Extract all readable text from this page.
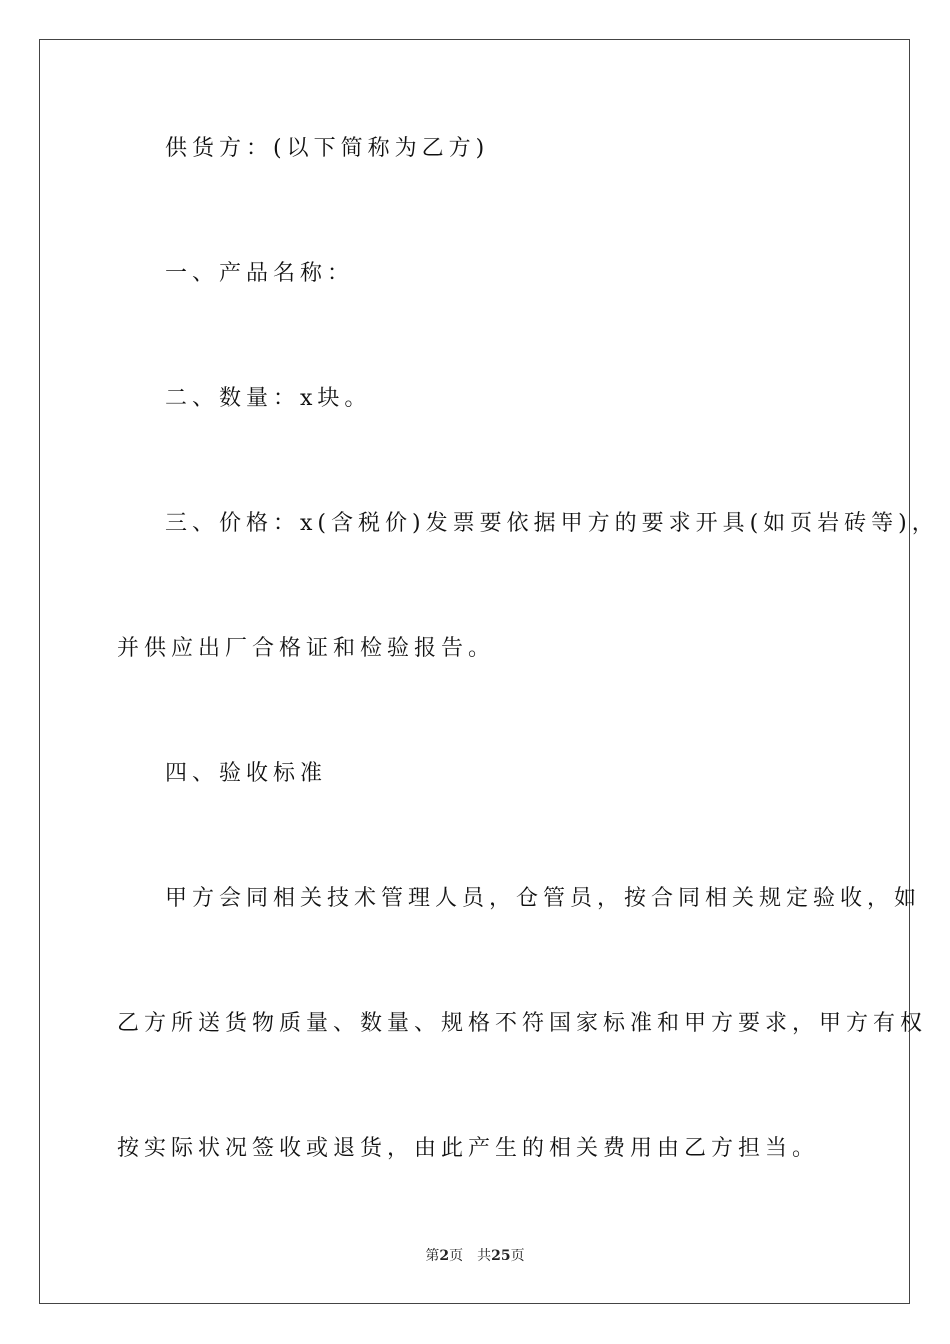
供货方：(以下简称为乙方)

一、产品名称：

二、数量：x块。

三、价格：x(含税价)发票要依据甲方的要求开具(如页岩砖等)，

并供应出厂合格证和检验报告。

四、验收标准

甲方会同相关技术管理人员，仓管员，按合同相关规定验收，如

乙方所送货物质量、数量、规格不符国家标准和甲方要求，甲方有权

按实际状况签收或退货，由此产生的相关费用由乙方担当。

第2页 共25页
